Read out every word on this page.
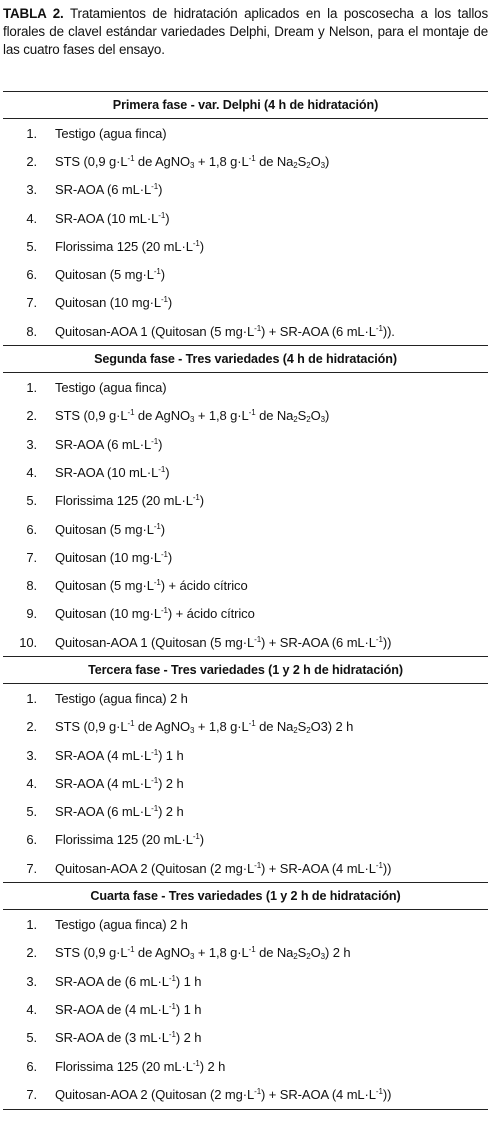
TABLA 2. Tratamientos de hidratación aplicados en la poscosecha a los tallos florales de clavel estándar variedades Delphi, Dream y Nelson, para el montaje de las cuatro fases del ensayo.

Primera fase - var. Delphi (4 h de hidratación)
1.	Testigo (agua finca)
2.	STS (0,9 $g\cdot L^{-1}$ de AgNO$_3$ + 1,8 $g\cdot L^{-1}$ de $Na_2S_2O_3$)
3.	SR-AOA (6 $mL\cdot L^{-1}$)
4.	SR-AOA (10 $mL\cdot L^{-1}$)
5.	Florissima 125 (20 $mL\cdot L^{-1}$)
6.	Quitosan (5 $mg\cdot L^{-1}$)
7.	Quitosan (10 $mg\cdot L^{-1}$)
8.	Quitosan-AOA 1 (Quitosan (5 $mg\cdot L^{-1}) + SR-AOA$ (6 $mL\cdot L^{-1}$)).
Segunda fase - Tres variedades (4 h de hidratación)
1.	Testigo (agua finca)
2.	STS (0,9 $g\cdot L^{-1}$ de AgNO$_3$ + 1,8 $g\cdot L^{-1}$ de $Na_2S_2O_3$)
3.	SR-AOA (6 $mL\cdot L^{-1}$)
4.	SR-AOA (10 $mL\cdot L^{-1}$)
5.	Florissima 125 (20 $mL\cdot L^{-1}$)
6.	Quitosan (5 $mg\cdot L^{-1}$)
7.	Quitosan (10 $mg\cdot L^{-1}$)
8.	Quitosan (5 $mg\cdot L^{-1}$) + ácido cítrico
9.	Quitosan (10 $mg\cdot L^{-1}$) + ácido cítrico
10.	Quitosan-AOA 1 (Quitosan (5 $mg\cdot L^{-1}) + SR-AOA$ (6 $mL\cdot L^{-1}$))
Tercera fase - Tres variedades (1 y 2 h de hidratación)
1.	Testigo (agua finca) 2 h
2.	STS (0,9 $g\cdot L^{-1}$ de AgNO$_3$ + 1,8 $g\cdot L^{-1}$ de $Na_2S_2O3$) 2 h
3.	SR-AOA (4 $mL\cdot L^{-1}$) 1 h
4.	SR-AOA (4 $mL\cdot L^{-1}$) 2 h
5.	SR-AOA (6 $mL\cdot L^{-1}$) 2 h
6.	Florissima 125 (20 $mL\cdot L^{-1}$)
7.	Quitosan-AOA 2 (Quitosan (2 $mg\cdot L^{-1}) + SR-AOA$ (4 $mL\cdot L^{-1}$))
Cuarta fase - Tres variedades (1 y 2 h de hidratación)
1.	Testigo (agua finca) 2 h
2.	STS (0,9 $g\cdot L^{-1}$ de AgNO$_3$ + 1,8 $g\cdot L^{-1}$ de $Na_2S_2O_3$) 2 h
3.	SR-AOA de (6 $mL\cdot L^{-1}$) 1 h
4.	SR-AOA de (4 $mL\cdot L^{-1}$) 1 h
5.	SR-AOA de (3 $mL\cdot L^{-1}$) 2 h
6.	Florissima 125 (20 $mL\cdot L^{-1}$) 2 h
7.	Quitosan-AOA 2 (Quitosan (2 $mg\cdot L^{-1}) + SR-AOA$ (4 $mL\cdot L^{-1}$))
